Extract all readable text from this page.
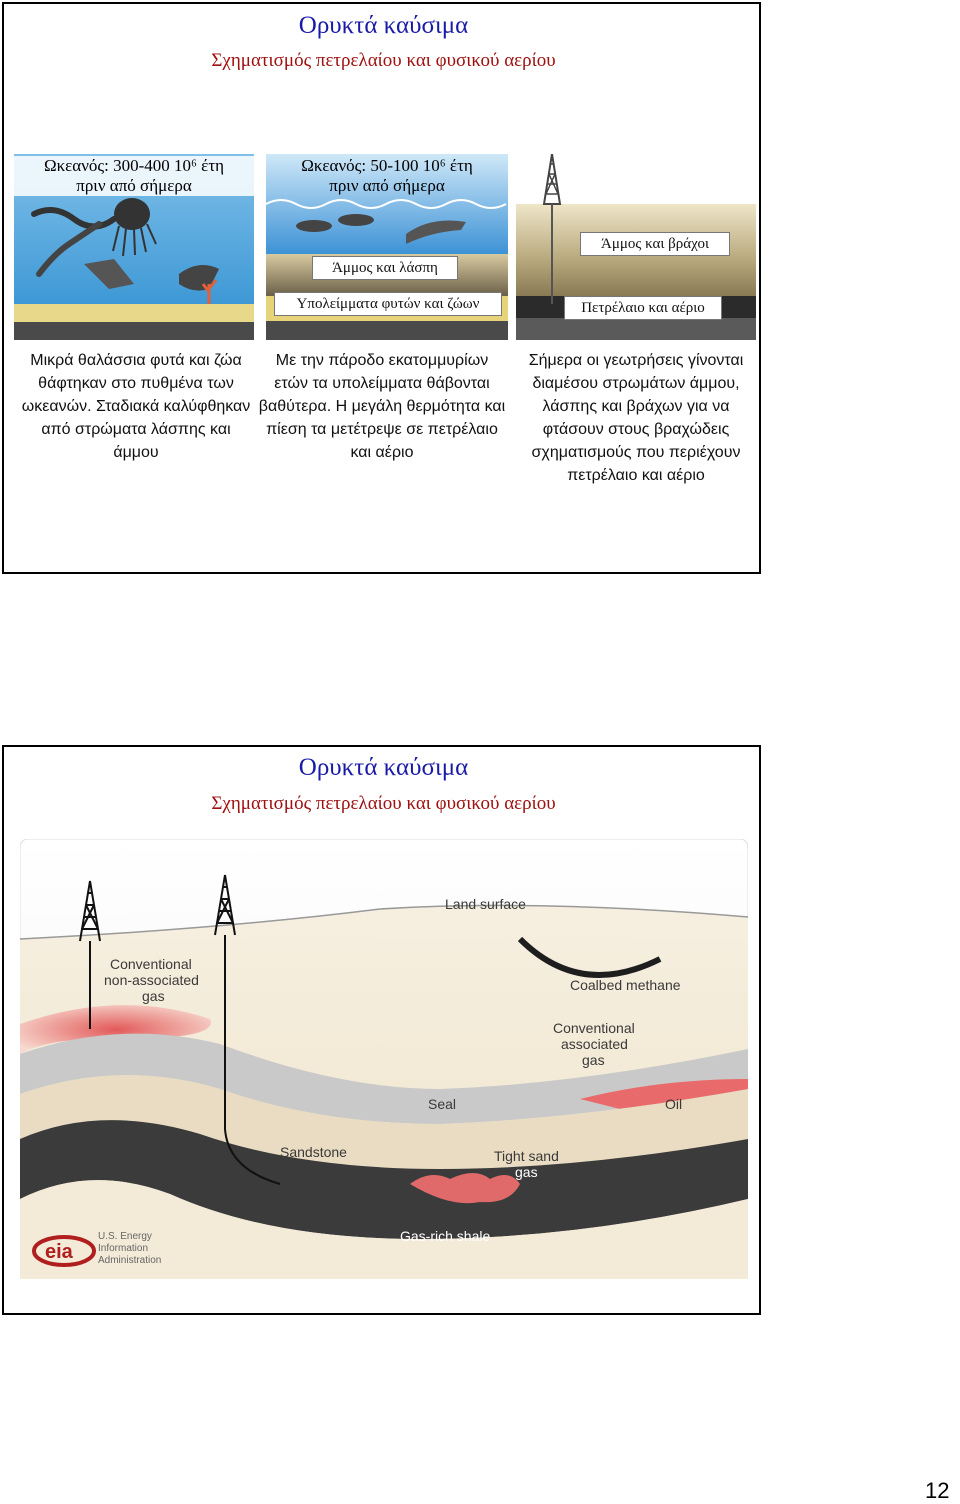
Ορυκτά καύσιμα
Σχηματισμός πετρελαίου και φυσικού αερίου
Ωκεανός: 300-400 10⁶ έτη
πριν από σήμερα
Ωκεανός: 50-100 10⁶ έτη
πριν από σήμερα
Άμμος και λάσπη
Υπολείμματα φυτών και ζώων
Άμμος και βράχοι
Πετρέλαιο και αέριο
Μικρά θαλάσσια φυτά και ζώα θάφτηκαν στο πυθμένα των ωκεανών. Σταδιακά καλύφθηκαν από στρώματα λάσπης και άμμου
Με την πάροδο εκατομμυρίων ετών τα υπολείμματα θάβονται βαθύτερα. Η μεγάλη θερμότητα και πίεση τα μετέτρεψε σε πετρέλαιο και αέριο
Σήμερα οι γεωτρήσεις γίνονται διαμέσου στρωμάτων άμμου, λάσπης και βράχων για να φτάσουν στους βραχώδεις σχηματισμούς που περιέχουν πετρέλαιο και αέριο
Ορυκτά καύσιμα
Σχηματισμός πετρελαίου και φυσικού αερίου
Land surface
Conventional
non-associated
gas
Coalbed methane
Conventional
associated
gas
Seal	Oil
Sandstone	Tight sand
gas
Gas-rich shale
eia
U.S. Energy
Information
Administration
12
